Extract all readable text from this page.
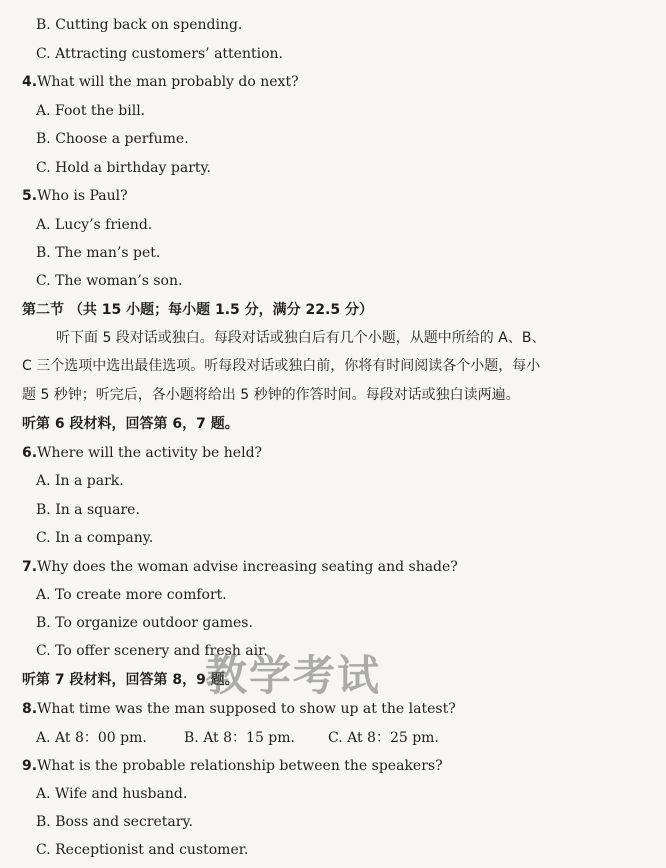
B. Cutting back on spending.
C. Attracting customers’ attention.
4.What will the man probably do next?
A. Foot the bill.
B. Choose a perfume.
C. Hold a birthday party.
5.Who is Paul?
A. Lucy’s friend.
B. The man’s pet.
C. The woman’s son.
第二节 （共 15 小题；每小题 1.5 分，满分 22.5 分）
听下面 5 段对话或独白。每段对话或独白后有几个小题，从题中所给的 A、B、
C 三个选项中选出最佳选项。听每段对话或独白前，你将有时间阅读各个小题，每小
题 5 秒钟；听完后，各小题将给出 5 秒钟的作答时间。每段对话或独白读两遍。
听第 6 段材料，回答第 6，7 题。
6.Where will the activity be held?
A. In a park.
B. In a square.
C. In a company.
7.Why does the woman advise increasing seating and shade?
A. To create more comfort.
B. To organize outdoor games.
C. To offer scenery and fresh air.
听第 7 段材料，回答第 8，9 题。
8.What time was the man supposed to show up at the latest?
A. At 8：00 pm.	B. At 8：15 pm. C. At 8：25 pm.
9.What is the probable relationship between the speakers?
A. Wife and husband.
B. Boss and secretary.
C. Receptionist and customer.
教学考试
